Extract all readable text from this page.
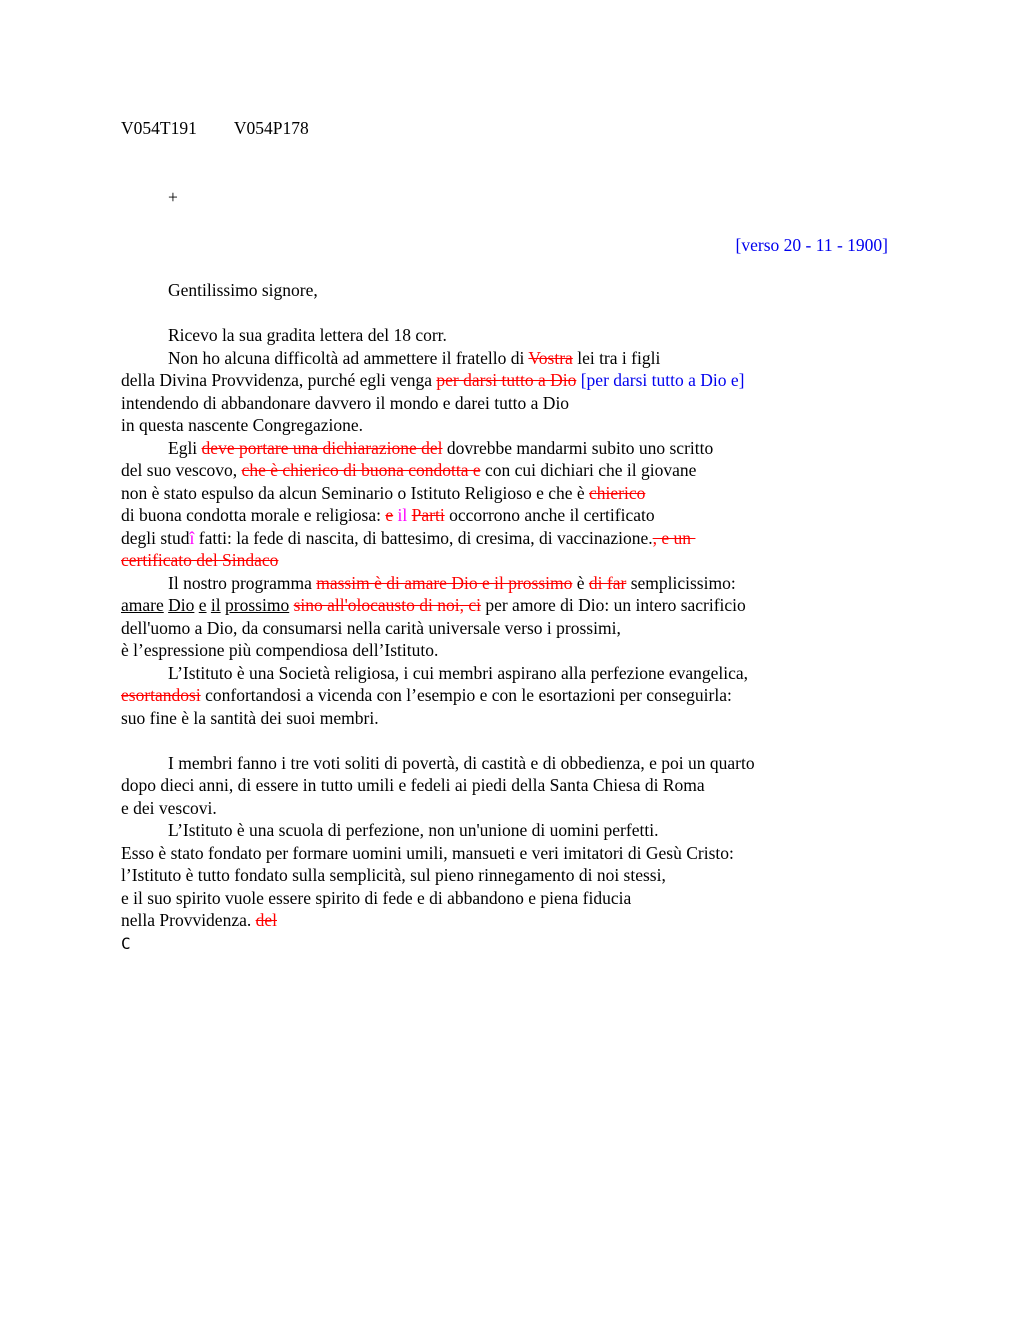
V054T191 V054P178
+
[verso 20 - 11 - 1900]
Gentilissimo signore,
Ricevo la sua gradita lettera del 18 corr.
Non ho alcuna difficoltà ad ammettere il fratello di Vostra lei tra i figli
della Divina Provvidenza, purché egli venga per darsi tutto a Dio [per darsi tutto a Dio e]
intendendo di abbandonare davvero il mondo e darei tutto a Dio
in questa nascente Congregazione.
Egli deve portare una dichiarazione del dovrebbe mandarmi subito uno scritto
del suo vescovo, che è chierico di buona condotta e con cui dichiari che il giovane
non è stato espulso da alcun Seminario o Istituto Religioso e che è chierico
di buona condotta morale e religiosa: e il Parti occorrono anche il certificato
degli studî fatti: la fede di nascita, di battesimo, di cresima, di vaccinazione., e un
certificato del Sindaco
Il nostro programma massim è di amare Dio e il prossimo è di far semplicissimo:
amare Dio e il prossimo sino all'olocausto di noi, ci per amore di Dio: un intero sacrificio
dell'uomo a Dio, da consumarsi nella carità universale verso i prossimi,
è l’espressione più compendiosa dell’Istituto.
L’Istituto è una Società religiosa, i cui membri aspirano alla perfezione evangelica,
esortandosi confortandosi a vicenda con l’esempio e con le esortazioni per conseguirla:
suo fine è la santità dei suoi membri.
I membri fanno i tre voti soliti di povertà, di castità e di obbedienza, e poi un quarto
dopo dieci anni, di essere in tutto umili e fedeli ai piedi della Santa Chiesa di Roma
e dei vescovi.
L’Istituto è una scuola di perfezione, non un'unione di uomini perfetti.
Esso è stato fondato per formare uomini umili, mansueti e veri imitatori di Gesù Cristo:
l’Istituto è tutto fondato sulla semplicità, sul pieno rinnegamento di noi stessi,
e il suo spirito vuole essere spirito di fede e di abbandono e piena fiducia
nella Provvidenza. del
C
